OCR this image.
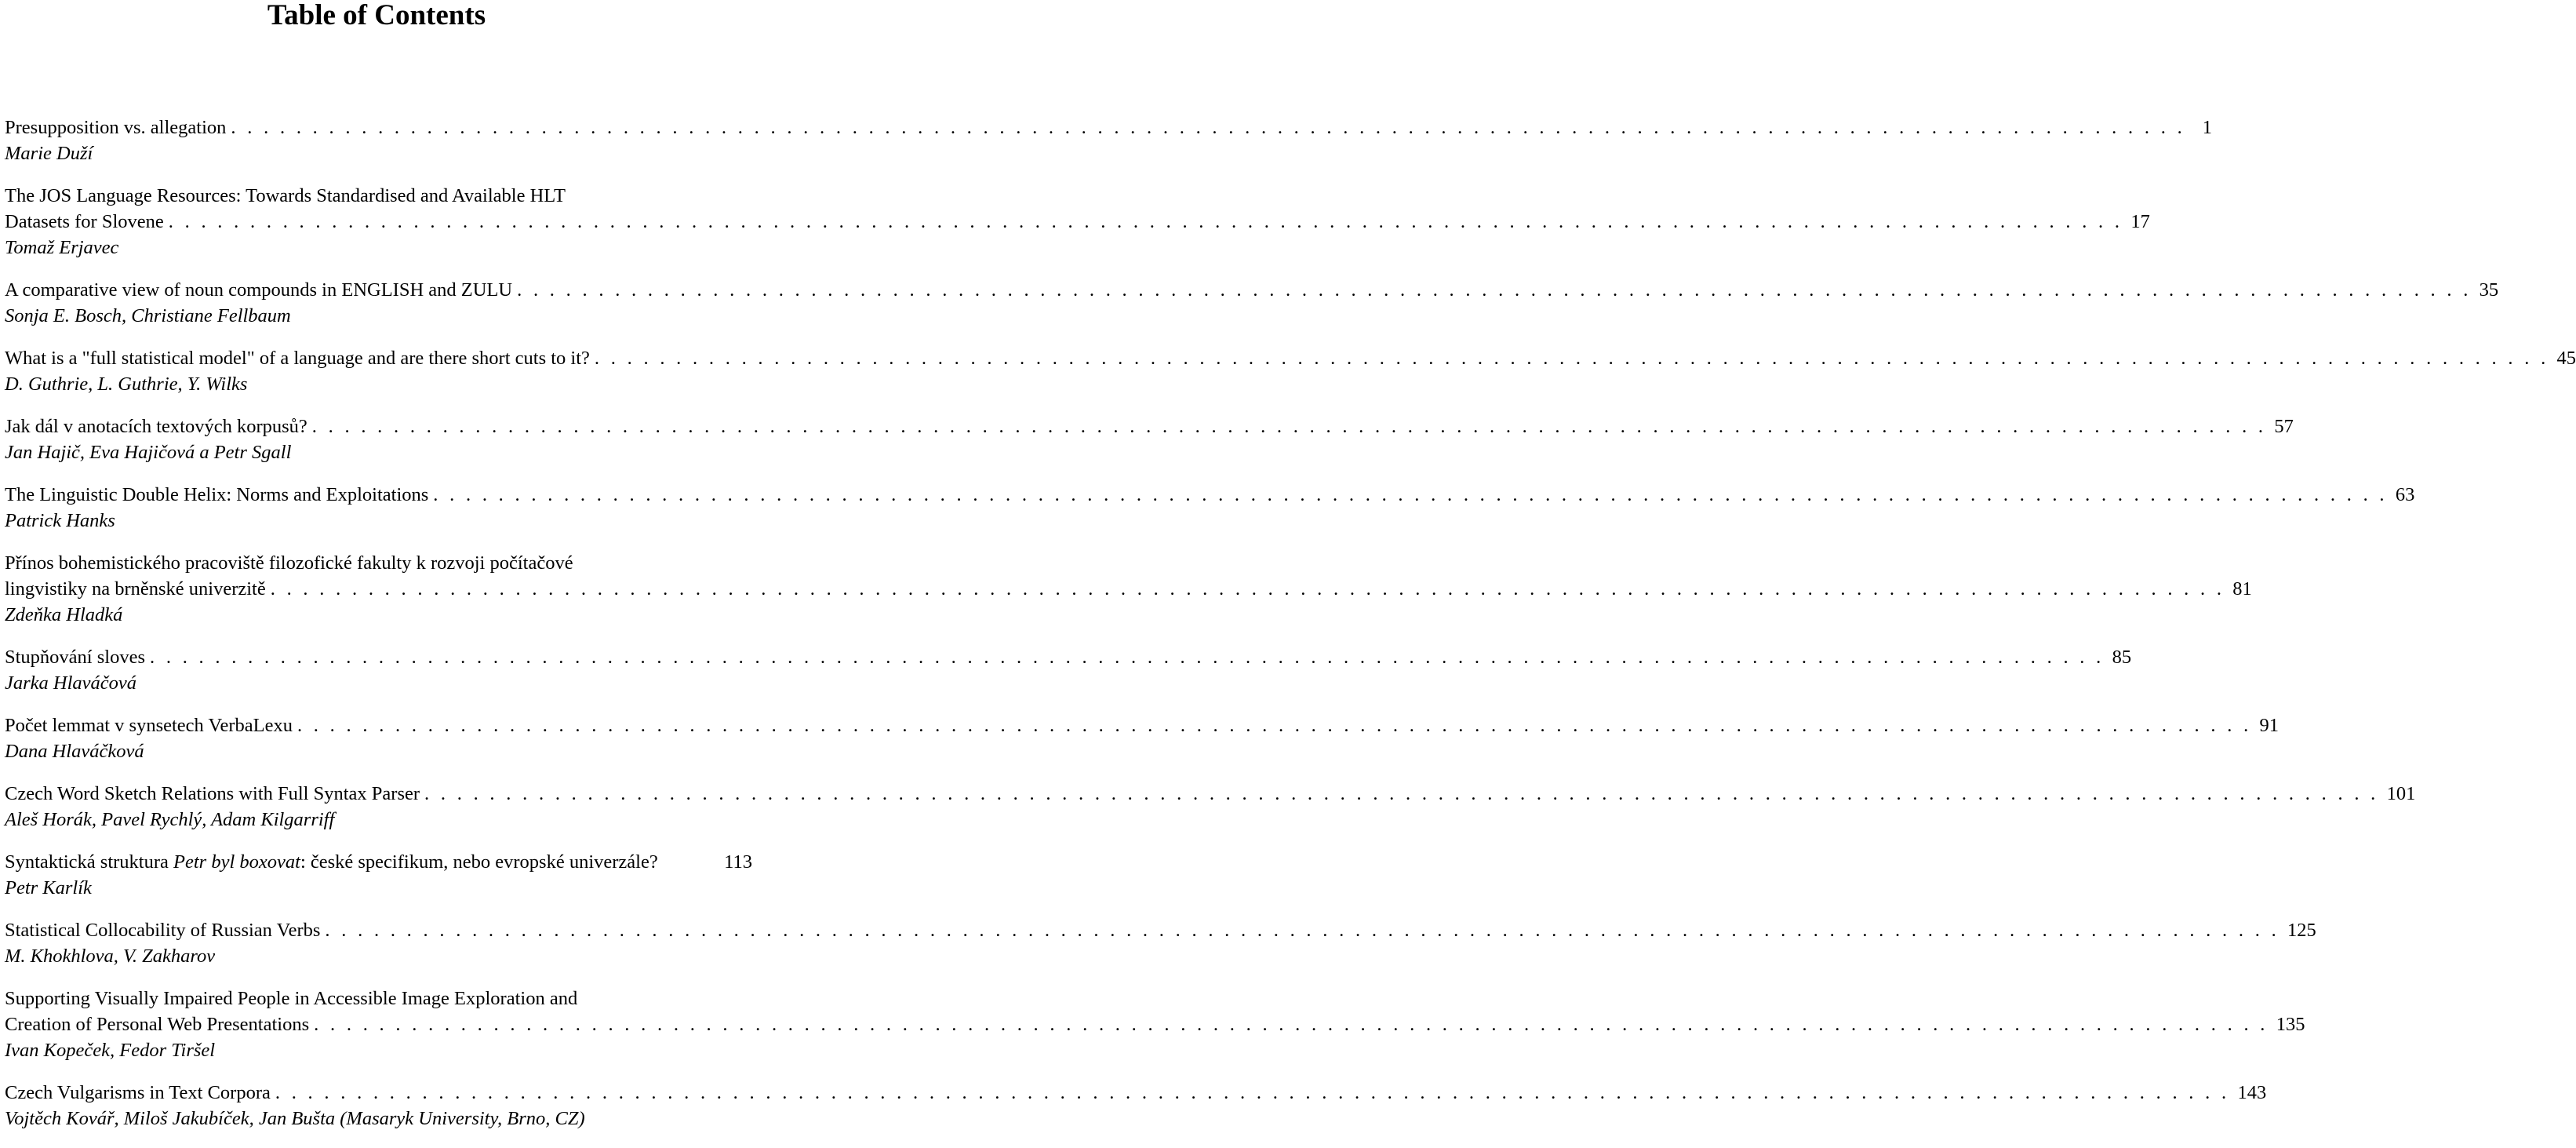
Table of Contents
Presupposition vs. allegation . . . . . . . . . . . . . . . . . . . . . . . . . . . . . . . . . . . . . . . . . . . . . . . . . . . . . . . . . . . . . . . . . . . . . . . . . . . . . . . . . . . . . . . . . . . . . . . . . . . . . . . . . . . . . . . . . . . . . . . . 1
Marie Duží
The JOS Language Resources: Towards Standardised and Available HLT
Datasets for Slovene . . . . . . . . . . . . . . . . . . . . . . . . . . . . . . . . . . . . . . . . . . . . . . . . . . . . . . . . . . . . . . . . . . . . . . . . . . . . . . . . . . . . . . . . . . . . . . . . . . . . . . . . . . . . . . . . . . . . . . . . 17
Tomaž Erjavec
A comparative view of noun compounds in ENGLISH and ZULU . . . . . . . . . . . . . . . . . . . . . . . . . . . . . . . . . . . . . . . . . . . . . . . . . . . . . . . . . . . . . . . . . . . . . . . . . . . . . . . . . . . . . . . . . . . . . . . . . . . . . . . . . . . . . . . . . . . . . . . . 35
Sonja E. Bosch, Christiane Fellbaum
What is a "full statistical model" of a language and are there short cuts to it? . . . . . . . . . . . . . . . . . . . . . . . . . . . . . . . . . . . . . . . . . . . . . . . . . . . . . . . . . . . . . . . . . . . . . . . . . . . . . . . . . . . . . . . . . . . . . . . . . . . . . . . . . . . . . . . . . . . . . . . . 45
D. Guthrie, L. Guthrie, Y. Wilks
Jak dál v anotacích textových korpusů? . . . . . . . . . . . . . . . . . . . . . . . . . . . . . . . . . . . . . . . . . . . . . . . . . . . . . . . . . . . . . . . . . . . . . . . . . . . . . . . . . . . . . . . . . . . . . . . . . . . . . . . . . . . . . . . . . . . . . . . . 57
Jan Hajič, Eva Hajičová a Petr Sgall
The Linguistic Double Helix: Norms and Exploitations . . . . . . . . . . . . . . . . . . . . . . . . . . . . . . . . . . . . . . . . . . . . . . . . . . . . . . . . . . . . . . . . . . . . . . . . . . . . . . . . . . . . . . . . . . . . . . . . . . . . . . . . . . . . . . . . . . . . . . . . 63
Patrick Hanks
Přínos bohemistického pracoviště filozofické fakulty k rozvoji počítačové
lingvistiky na brněnské univerzitě . . . . . . . . . . . . . . . . . . . . . . . . . . . . . . . . . . . . . . . . . . . . . . . . . . . . . . . . . . . . . . . . . . . . . . . . . . . . . . . . . . . . . . . . . . . . . . . . . . . . . . . . . . . . . . . . . . . . . . . . 81
Zdeňka Hladká
Stupňování sloves . . . . . . . . . . . . . . . . . . . . . . . . . . . . . . . . . . . . . . . . . . . . . . . . . . . . . . . . . . . . . . . . . . . . . . . . . . . . . . . . . . . . . . . . . . . . . . . . . . . . . . . . . . . . . . . . . . . . . . . . 85
Jarka Hlaváčová
Počet lemmat v synsetech VerbaLexu . . . . . . . . . . . . . . . . . . . . . . . . . . . . . . . . . . . . . . . . . . . . . . . . . . . . . . . . . . . . . . . . . . . . . . . . . . . . . . . . . . . . . . . . . . . . . . . . . . . . . . . . . . . . . . . . . . . . . . . . 91
Dana Hlaváčková
Czech Word Sketch Relations with Full Syntax Parser . . . . . . . . . . . . . . . . . . . . . . . . . . . . . . . . . . . . . . . . . . . . . . . . . . . . . . . . . . . . . . . . . . . . . . . . . . . . . . . . . . . . . . . . . . . . . . . . . . . . . . . . . . . . . . . . . . . . . . . . 101
Aleš Horák, Pavel Rychlý, Adam Kilgarriff
Syntaktická struktura Petr byl boxovat: české specifikum, nebo evropské univerzále?	113
Petr Karlík
Statistical Collocability of Russian Verbs . . . . . . . . . . . . . . . . . . . . . . . . . . . . . . . . . . . . . . . . . . . . . . . . . . . . . . . . . . . . . . . . . . . . . . . . . . . . . . . . . . . . . . . . . . . . . . . . . . . . . . . . . . . . . . . . . . . . . . . . 125
M. Khokhlova, V. Zakharov
Supporting Visually Impaired People in Accessible Image Exploration and
Creation of Personal Web Presentations . . . . . . . . . . . . . . . . . . . . . . . . . . . . . . . . . . . . . . . . . . . . . . . . . . . . . . . . . . . . . . . . . . . . . . . . . . . . . . . . . . . . . . . . . . . . . . . . . . . . . . . . . . . . . . . . . . . . . . . . 135
Ivan Kopeček, Fedor Tiršel
Czech Vulgarisms in Text Corpora . . . . . . . . . . . . . . . . . . . . . . . . . . . . . . . . . . . . . . . . . . . . . . . . . . . . . . . . . . . . . . . . . . . . . . . . . . . . . . . . . . . . . . . . . . . . . . . . . . . . . . . . . . . . . . . . . . . . . . . . 143
Vojtěch Kovář, Miloš Jakubíček, Jan Bušta (Masaryk University, Brno, CZ)
